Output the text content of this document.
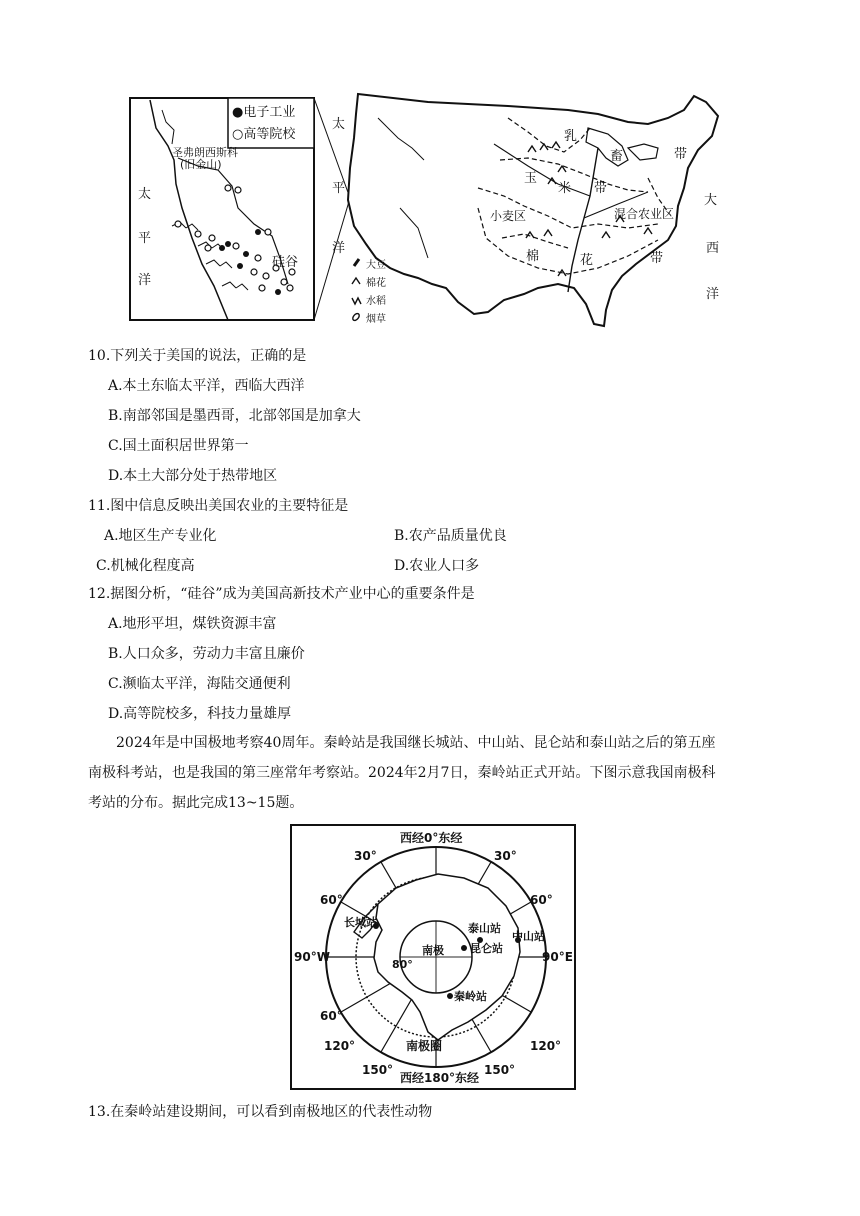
太
平
洋
大
西
洋
乳
畜
玉
米 带
小麦区	混合农业区
棉	花	带
带
大豆
棉花
水稻
烟草
●电子工业
○高等院校
圣弗朗西斯科
(旧金山)
太
平
洋
硅谷
10.下列关于美国的说法，正确的是
A.本土东临太平洋，西临大西洋
B.南部邻国是墨西哥，北部邻国是加拿大
C.国土面积居世界第一
D.本土大部分处于热带地区
11.图中信息反映出美国农业的主要特征是
A.地区生产专业化	B.农产品质量优良
C.机械化程度高	D.农业人口多
12.据图分析，“硅谷”成为美国高新技术产业中心的重要条件是
A.地形平坦，煤铁资源丰富
B.人口众多，劳动力丰富且廉价
C.濒临太平洋，海陆交通便利
D.高等院校多，科技力量雄厚
2024年是中国极地考察40周年。秦岭站是我国继长城站、中山站、昆仑站和泰山站之后的第五座
南极科考站，也是我国的第三座常年考察站。2024年2月7日，秦岭站正式开站。下图示意我国南极科
考站的分布。据此完成13~15题。
西经0°东经
西经180°东经
90°W	90°E
30°	30°
60°	60°
60°
120°	120°
150°	150°
80°
南极
南极圈
长城站	泰山站
中山站
昆仑站
秦岭站
13.在秦岭站建设期间，可以看到南极地区的代表性动物
